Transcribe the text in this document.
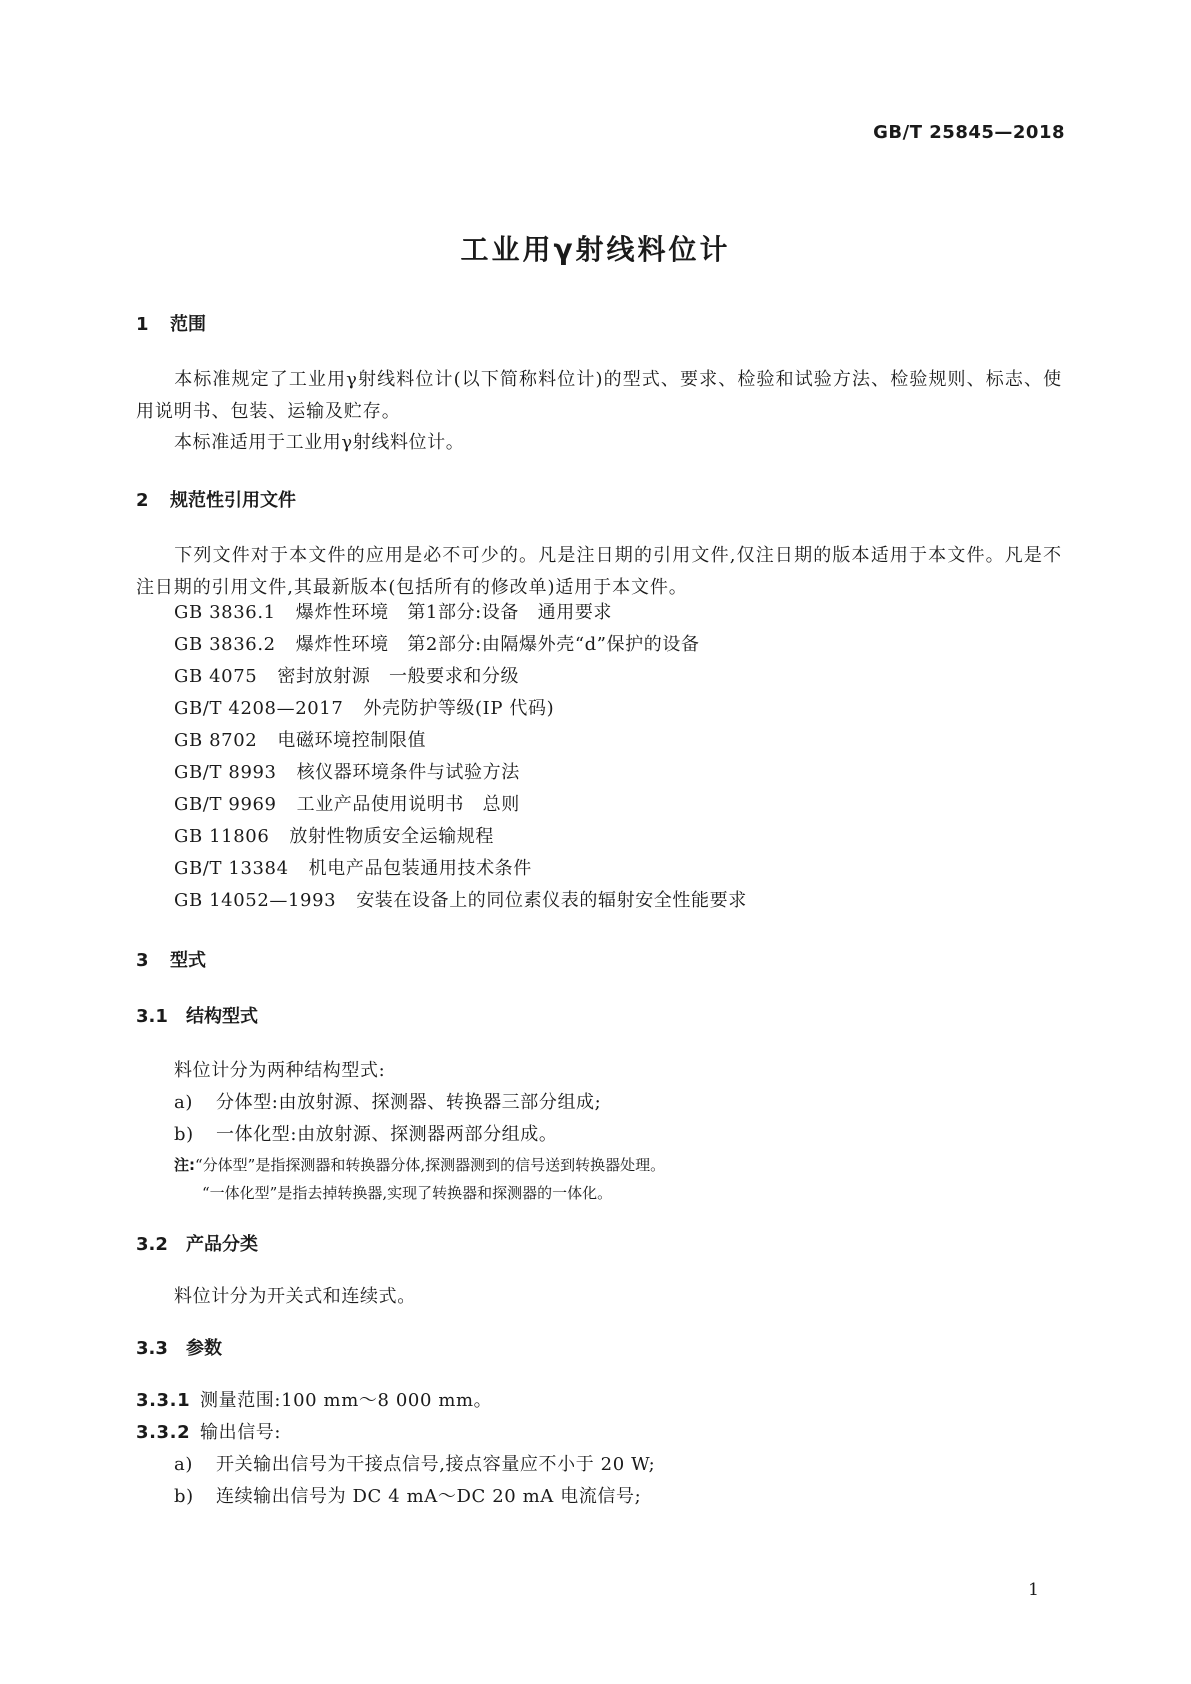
GB/T 25845—2018
工业用γ射线料位计
1 范围
本标准规定了工业用γ射线料位计(以下简称料位计)的型式、要求、检验和试验方法、检验规则、标志、使用说明书、包装、运输及贮存。
本标准适用于工业用γ射线料位计。
2 规范性引用文件
下列文件对于本文件的应用是必不可少的。凡是注日期的引用文件,仅注日期的版本适用于本文件。凡是不注日期的引用文件,其最新版本(包括所有的修改单)适用于本文件。
GB 3836.1 爆炸性环境　第1部分:设备　通用要求
GB 3836.2 爆炸性环境　第2部分:由隔爆外壳“d”保护的设备
GB 4075 密封放射源　一般要求和分级
GB/T 4208—2017 外壳防护等级(IP 代码)
GB 8702 电磁环境控制限值
GB/T 8993 核仪器环境条件与试验方法
GB/T 9969 工业产品使用说明书　总则
GB 11806 放射性物质安全运输规程
GB/T 13384 机电产品包装通用技术条件
GB 14052—1993 安装在设备上的同位素仪表的辐射安全性能要求
3 型式
3.1 结构型式
料位计分为两种结构型式:
a) 分体型:由放射源、探测器、转换器三部分组成;
b) 一体化型:由放射源、探测器两部分组成。
注:“分体型”是指探测器和转换器分体,探测器测到的信号送到转换器处理。
“一体化型”是指去掉转换器,实现了转换器和探测器的一体化。
3.2 产品分类
料位计分为开关式和连续式。
3.3 参数
3.3.1 测量范围:100 mm～8 000 mm。
3.3.2 输出信号:
a) 开关输出信号为干接点信号,接点容量应不小于 20 W;
b) 连续输出信号为 DC 4 mA～DC 20 mA 电流信号;
1
